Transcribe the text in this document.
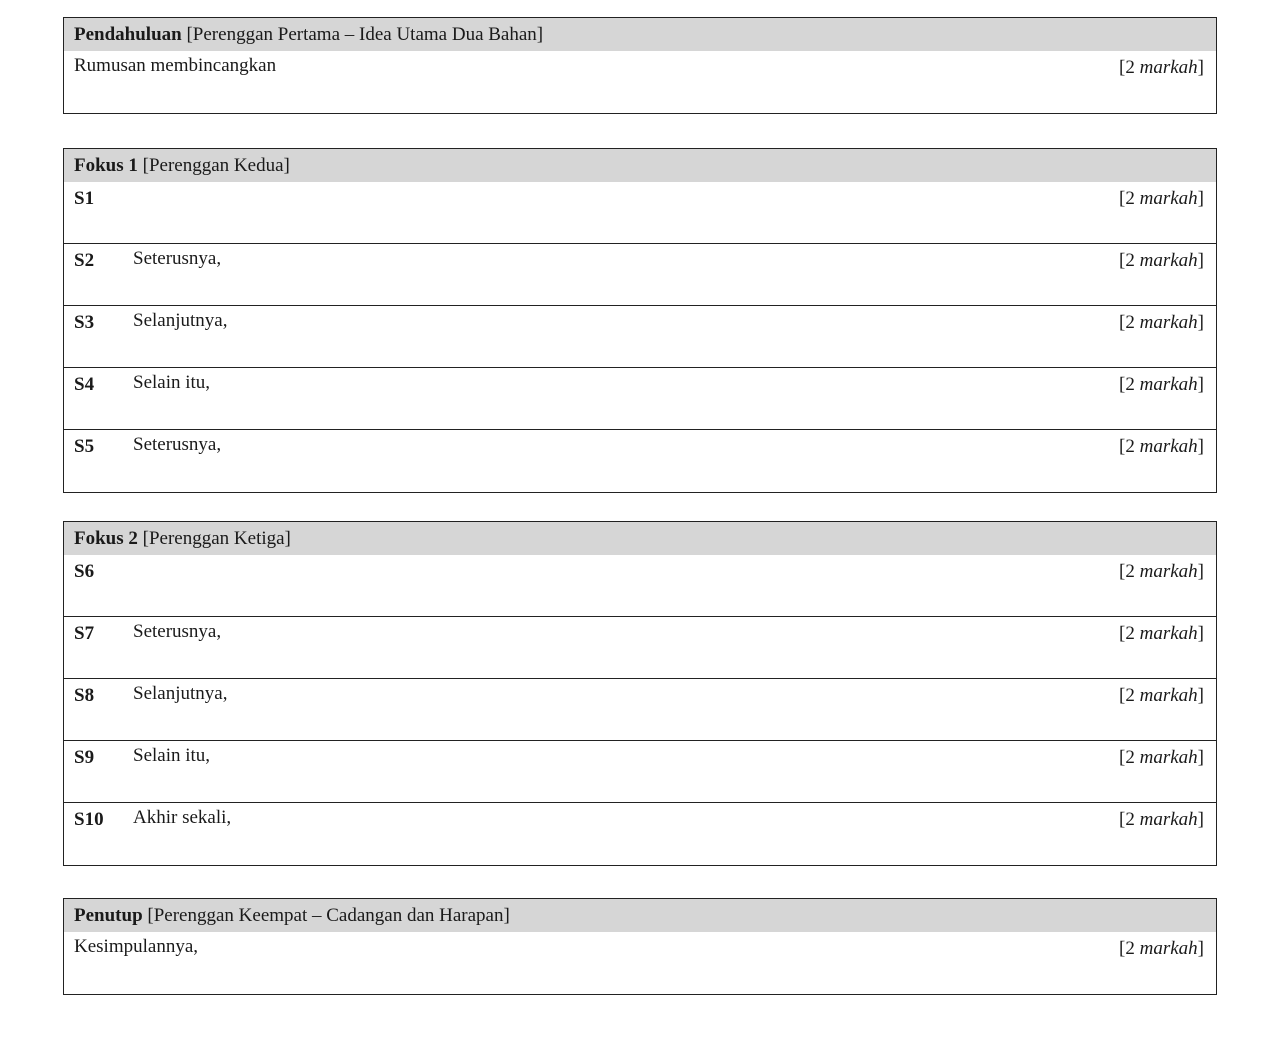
Pendahuluan [Perenggan Pertama – Idea Utama Dua Bahan]
Rumusan membincangkan	[2 markah]
Fokus 1 [Perenggan Kedua]
S1	[2 markah]
S2 Seterusnya,	[2 markah]
S3 Selanjutnya,	[2 markah]
S4 Selain itu,	[2 markah]
S5 Seterusnya,	[2 markah]
Fokus 2 [Perenggan Ketiga]
S6	[2 markah]
S7 Seterusnya,	[2 markah]
S8 Selanjutnya,	[2 markah]
S9 Selain itu,	[2 markah]
S10 Akhir sekali,	[2 markah]
Penutup [Perenggan Keempat – Cadangan dan Harapan]
Kesimpulannya,	[2 markah]
